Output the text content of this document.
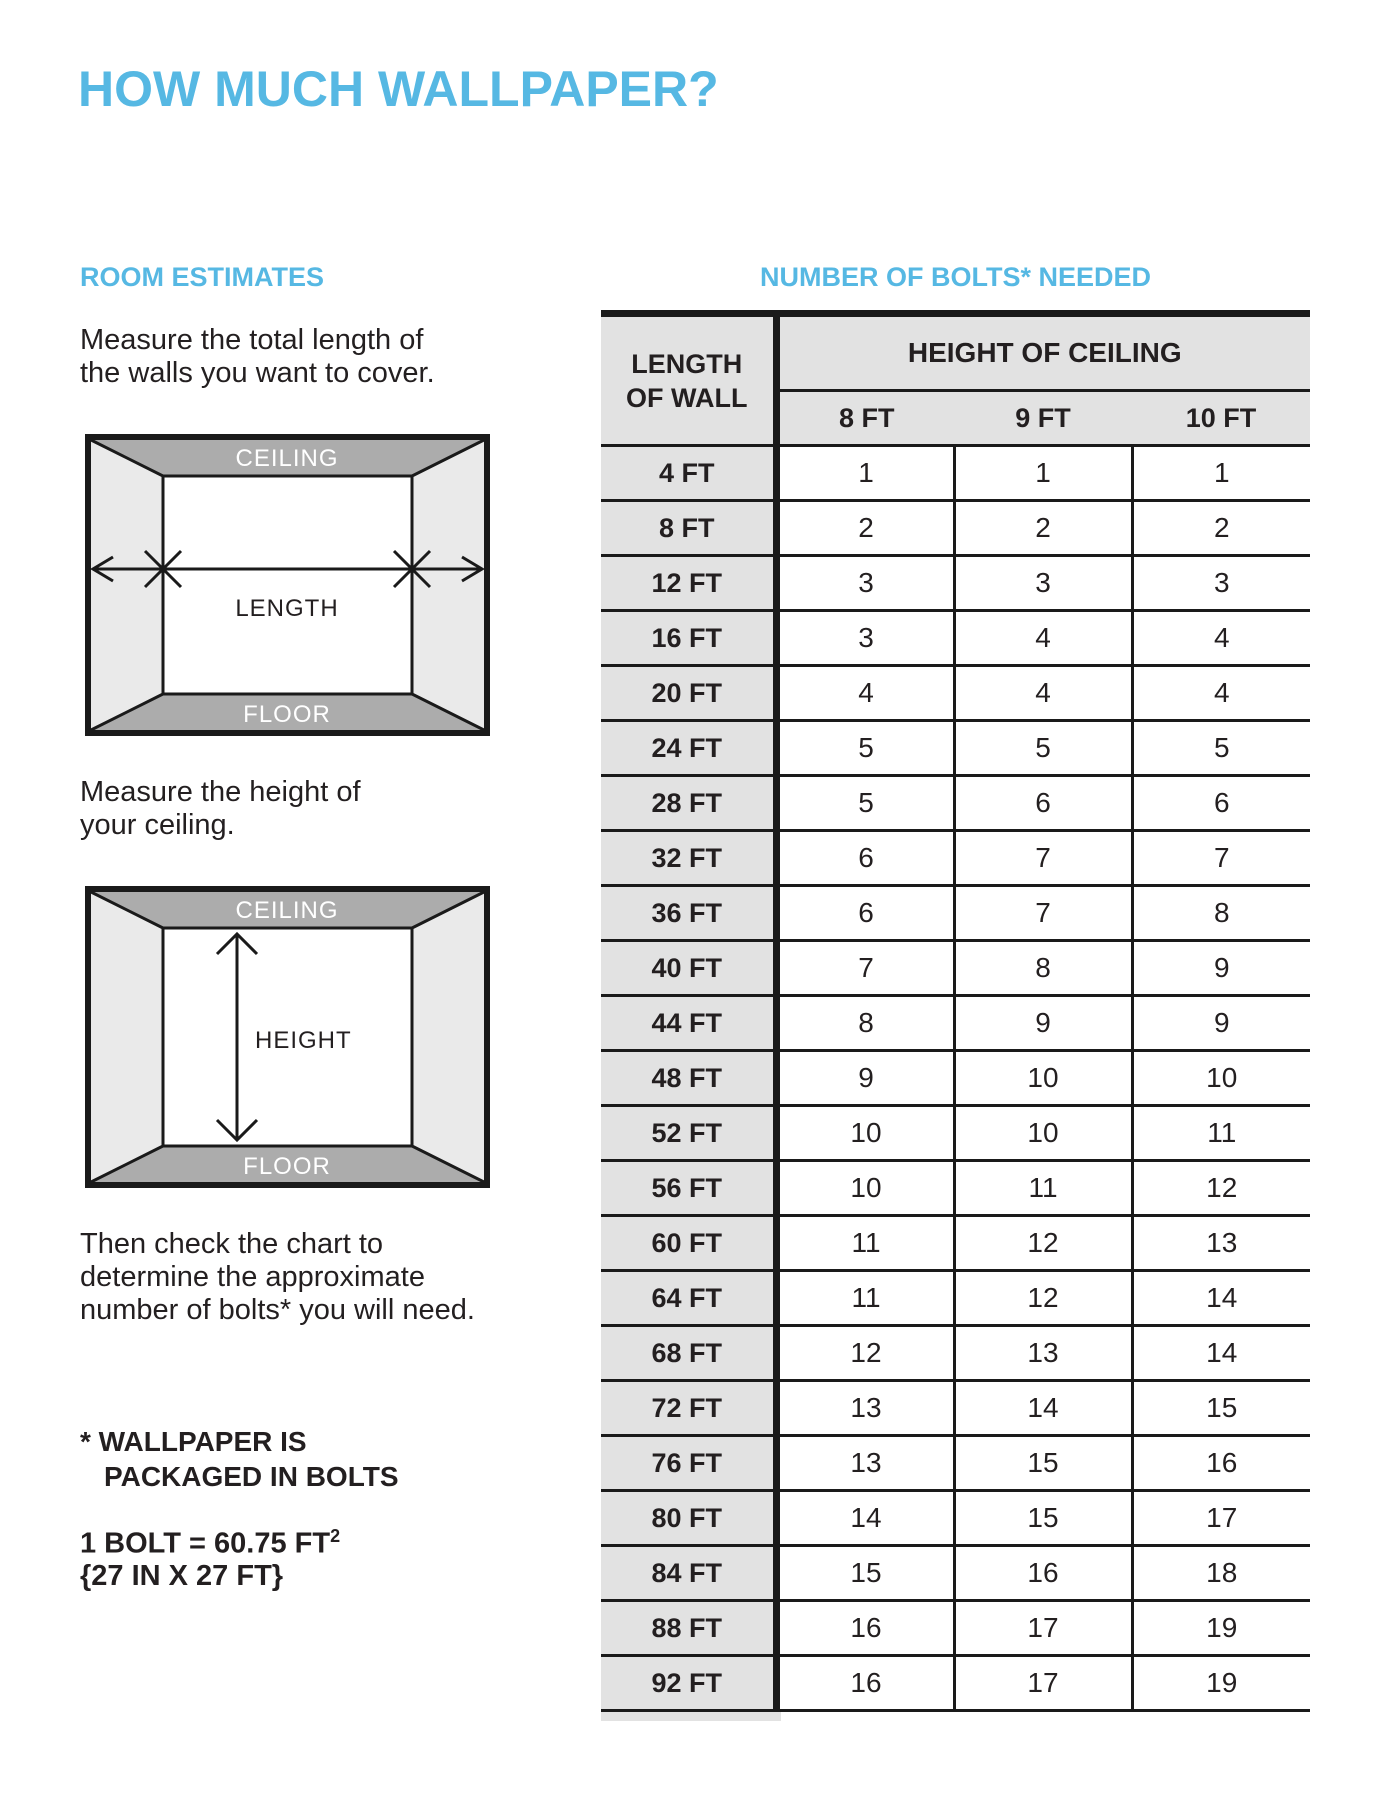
HOW MUCH WALLPAPER?
ROOM ESTIMATES	NUMBER OF BOLTS* NEEDED
Measure the total length of
the walls you want to cover.
CEILING
FLOOR
LENGTH
Measure the height of
your ceiling.
CEILING
FLOOR
HEIGHT
Then check the chart to
determine the approximate
number of bolts* you will need.
* WALLPAPER IS
PACKAGED IN BOLTS
1 BOLT = 60.75 $FT^2$
{27 IN X 27 FT}
LENGTH
OF WALL	HEIGHT OF CEILING		
	8 FT	9 FT	10 FT
4 FT	1	1	1
8 FT	2	2	2
12 FT	3	3	3
16 FT	3	4	4
20 FT	4	4	4
24 FT	5	5	5
28 FT	5	6	6
32 FT	6	7	7
36 FT	6	7	8
40 FT	7	8	9
44 FT	8	9	9
48 FT	9	10	10
52 FT	10	10	11
56 FT	10	11	12
60 FT	11	12	13
64 FT	11	12	14
68 FT	12	13	14
72 FT	13	14	15
76 FT	13	15	16
80 FT	14	15	17
84 FT	15	16	18
88 FT	16	17	19
92 FT	16	17	19
